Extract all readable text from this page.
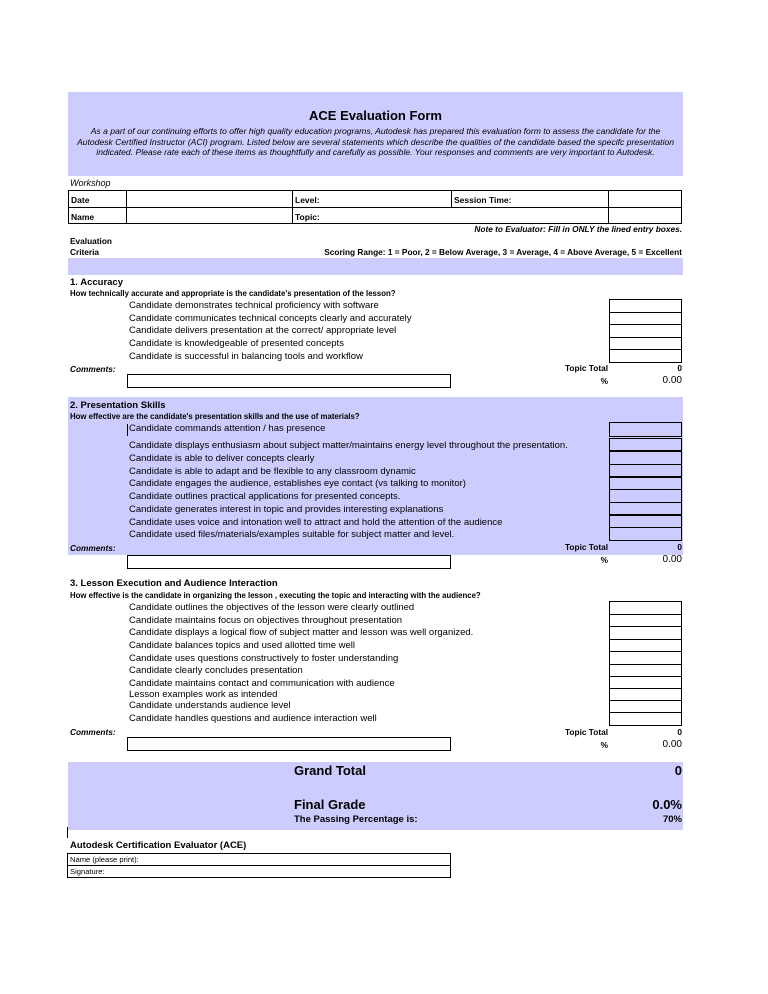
ACE Evaluation Form
As a part of our continuing efforts to offer high quality education programs, Autodesk has prepared this evaluation form to assess the candidate for the Autodesk Certified Instructor (ACI) program. Listed below are several statements which describe the qualities of the candidate based the specifc presentation indicated. Please rate each of these items as thoughtfully and carefully as possible. Your responses and comments are very important to Autodesk.
Workshop
Date	Level:	Session Time:
Name	Topic:
Note to Evaluator: Fill in ONLY the lined entry boxes.
Evaluation
Criteria	Scoring Range: 1 = Poor, 2 = Below Average, 3 = Average, 4 = Above Average, 5 = Excellent
1. Accuracy
How technically accurate and appropriate is the candidate's presentation of the lesson?
Candidate demonstrates technical proficiency with software
Candidate communicates technical concepts clearly and accurately
Candidate delivers presentation at the correct/ appropriate level
Candidate is knowledgeable of presented concepts
Candidate is successful in balancing tools and workflow
Comments:	Topic Total	0
%	0.00
2. Presentation Skills
How effective are the candidate's presentation skills and the use of materials?
Candidate commands attention / has presence
Candidate displays enthusiasm about subject matter/maintains energy level throughout the presentation.
Candidate is able to deliver concepts clearly
Candidate is able to adapt and be flexible to any classroom dynamic
Candidate engages the audience, establishes eye contact (vs talking to monitor)
Candidate outlines practical applications for presented concepts.
Candidate generates interest in topic and provides interesting explanations
Candidate uses voice and intonation well to attract and hold the attention of the audience
Candidate used files/materials/examples suitable for subject matter and level.
Comments:	Topic Total	0
%	0.00
3. Lesson Execution and Audience Interaction
How effective is the candidate in organizing the lesson , executing the topic and interacting with the audience?
Candidate outlines the objectives of the lesson were clearly outlined
Candidate maintains focus on objectives throughout presentation
Candidate displays a logical flow of subject matter and lesson was well organized.
Candidate balances topics and used allotted time well
Candidate uses questions constructively to foster understanding
Candidate clearly concludes presentation
Candidate maintains contact and communication with audience
Lesson examples work as intended
Candidate understands audience level
Candidate handles questions and audience interaction well
Comments:	Topic Total	0
%	0.00
Grand Total	0
Final Grade	0.0%
The Passing Percentage is:	70%
Autodesk Certification Evaluator (ACE)
Name (please print):
Signature:
